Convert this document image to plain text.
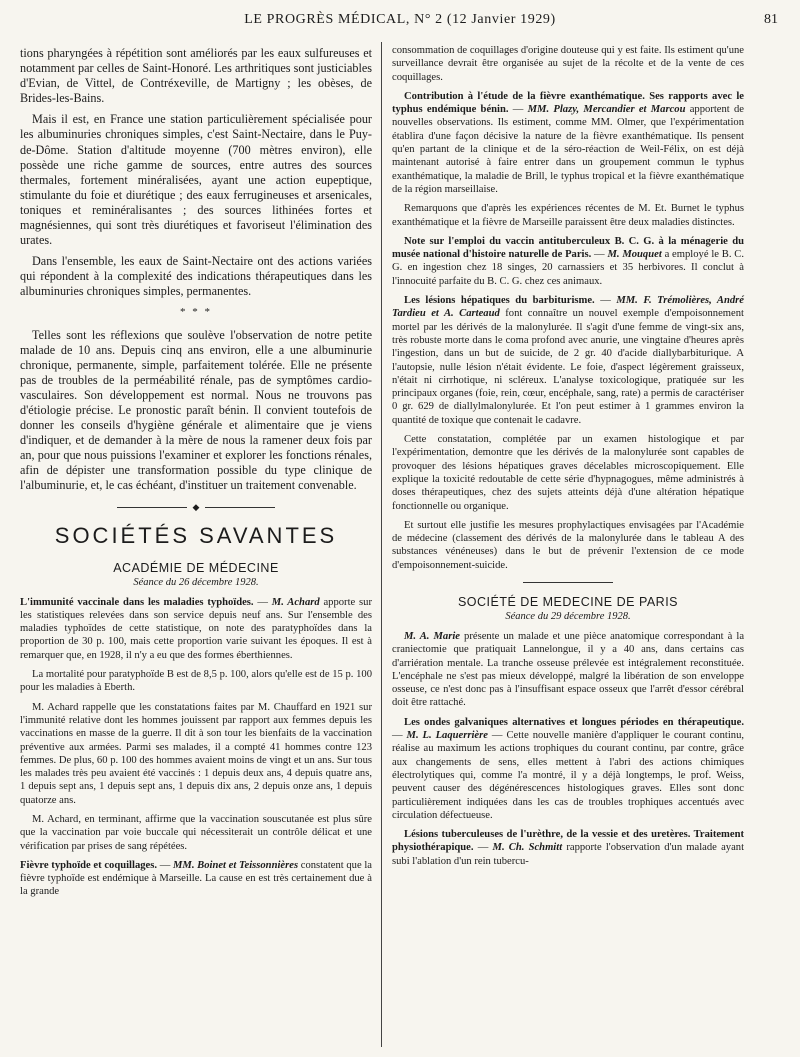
LE PROGRÈS MÉDICAL, N° 2 (12 Janvier 1929)	81

tions pharyngées à répétition sont améliorés par les eaux sulfureuses et notamment par celles de Saint-Honoré. Les arthritiques sont justiciables d'Evian, de Vittel, de Contréxeville, de Martigny ; les obèses, de Brides-les-Bains.

Mais il est, en France une station particulièrement spécialisée pour les albuminuries chroniques simples, c'est Saint-Nectaire, dans le Puy-de-Dôme. Station d'altitude moyenne (700 mètres environ), elle possède une riche gamme de sources, entre autres des sources thermales, fortement minéralisées, ayant une action eupeptique, stimulante du foie et diurétique ; des eaux ferrugineuses et arsenicales, toniques et reminéralisantes ; des sources lithinées fortes et magnésiennes, qui sont très diurétiques et favoriseut l'élimination des urates.

Dans l'ensemble, les eaux de Saint-Nectaire ont des actions variées qui répondent à la complexité des indications thérapeutiques dans les albuminuries chroniques simples, permanentes.

* * *

Telles sont les réflexions que soulève l'observation de notre petite malade de 10 ans. Depuis cinq ans environ, elle a une albuminurie chronique, permanente, simple, parfaitement tolérée. Elle ne présente pas de troubles de la perméabilité rénale, pas de symptômes cardio-vasculaires. Son développement est normal. Nous ne trouvons pas d'étiologie précise. Le pronostic paraît bénin. Il convient toutefois de donner les conseils d'hygiène générale et alimentaire que je viens d'indiquer, et de demander à la mère de nous la ramener deux fois par an, pour que nous puissions l'examiner et explorer les fonctions rénales, afin de dépister une transformation possible du type clinique de l'albuminurie, et, le cas échéant, d'instituer un traitement convenable.

◆
SOCIÉTÉS SAVANTES
ACADÉMIE DE MÉDECINE
Séance du 26 décembre 1928.

L'immunité vaccinale dans les maladies typhoïdes. — M. Achard apporte sur les statistiques relevées dans son service depuis neuf ans. Sur l'ensemble des maladies typhoïdes de cette statistique, on note des paratyphoïdes dans la proportion de 30 p. 100, mais cette proportion varie suivant les époques. Il est à remarquer que, en 1928, il n'y a eu que des formes éberthiennes.

La mortalité pour paratyphoïde B est de 8,5 p. 100, alors qu'elle est de 15 p. 100 pour les maladies à Eberth.

M. Achard rappelle que les constatations faites par M. Chauffard en 1921 sur l'immunité relative dont les hommes jouissent par rapport aux femmes depuis les vaccinations en masse de la guerre. Il dit à son tour les bienfaits de la vaccination préventive aux armées. Parmi ses malades, il a compté 41 hommes contre 123 femmes. De plus, 60 p. 100 des hommes avaient moins de vingt et un ans. Sur tous les malades très peu avaient été vaccinés : 1 depuis deux ans, 4 depuis quatre ans, 1 depuis sept ans, 1 depuis sept ans, 1 depuis dix ans, 2 depuis onze ans, 1 depuis quatorze ans.

M. Achard, en terminant, affirme que la vaccination souscutanée est plus sûre que la vaccination par voie buccale qui nécessiterait un contrôle délicat et une vérification par prises de sang répétées.

Fièvre typhoïde et coquillages. — MM. Boinet et Teissonnières constatent que la fièvre typhoïde est endémique à Marseille. La cause en est très certainement due à la grande

consommation de coquillages d'origine douteuse qui y est faite. Ils estiment qu'une surveillance devrait être organisée au sujet de la récolte et de la vente de ces coquillages.

Contribution à l'étude de la fièvre exanthématique. Ses rapports avec le typhus endémique bénin. — MM. Plazy, Mercandier et Marcou apportent de nouvelles observations. Ils estiment, comme MM. Olmer, que l'expérimentation établira d'une façon décisive la nature de la fièvre exanthématique. Ils pensent qu'en partant de la clinique et de la séro-réaction de Weil-Félix, on est déjà maintenant autorisé à faire entrer dans un groupement commun le typhus exanthématique, la maladie de Brill, le typhus tropical et la fièvre exanthématique de la région marseillaise.

Remarquons que d'après les expériences récentes de M. Et. Burnet le typhus exanthématique et la fièvre de Marseille paraissent être deux maladies distinctes.

Note sur l'emploi du vaccin antituberculeux B. C. G. à la ménagerie du musée national d'histoire naturelle de Paris. — M. Mouquet a employé le B. C. G. en ingestion chez 18 singes, 20 carnassiers et 35 herbivores. Il conclut à l'innocuité parfaite du B. C. G. chez ces animaux.

Les lésions hépatiques du barbiturisme. — MM. F. Trémolières, André Tardieu et A. Carteaud font connaître un nouvel exemple d'empoisonnement mortel par les dérivés de la malonylurée. Il s'agit d'une femme de vingt-six ans, très robuste morte dans le coma profond avec anurie, une vingtaine d'heures après l'ingestion, dans un but de suicide, de 2 gr. 40 d'acide diallybarbiturique. A l'autopsie, nulle lésion n'était évidente. Le foie, d'aspect légèrement graisseux, n'était ni cirrhotique, ni scléreux. L'analyse toxicologique, pratiquée sur les principaux organes (foie, rein, cœur, encéphale, sang, rate) a permis de caractériser 0 gr. 629 de diallylmalonylurée. Et l'on peut estimer à 1 grammes environ la quantité de toxique que contenait le cadavre.

Cette constatation, complétée par un examen histologique et par l'expérimentation, demontre que les dérivés de la malonylurée sont capables de provoquer des lésions hépatiques graves décelables microscopiquement. Elle explique la toxicité redoutable de cette série d'hypnagogues, même administrés à doses thérapeutiques, chez des sujets atteints déjà d'une altération hépatique fonctionnelle ou organique.

Et surtout elle justifie les mesures prophylactiques envisagées par l'Académie de médecine (classement des dérivés de la malonylurée dans le tableau A des substances vénéneuses) dans le but de prévenir l'extension de ce mode d'empoisonnement-suicide.

SOCIÉTÉ DE MEDECINE DE PARIS
Séance du 29 décembre 1928.

M. A. Marie présente un malade et une pièce anatomique correspondant à la craniectomie que pratiquait Lannelongue, il y a 40 ans, dans certains cas d'arriération mentale. La tranche osseuse prélevée est intégralement reconstituée. L'encéphale ne s'est pas mieux développé, malgré la libération de son enveloppe osseuse, ce n'est donc pas à l'insuffisant espace osseux que l'arrêt d'essor cérébral doit être rattaché.

Les ondes galvaniques alternatives et longues périodes en thérapeutique. — M. L. Laquerrière — Cette nouvelle manière d'appliquer le courant continu, réalise au maximum les actions trophiques du courant continu, par contre, grâce aux changements de sens, elles mettent à l'abri des actions chimiques électrolytiques qui, comme l'a montré, il y a déjà longtemps, le prof. Weiss, peuvent causer des dégénérescences histologiques graves. Elles sont donc particulièrement indiquées dans les cas de troubles trophiques accentués avec circulation défectueuse.

Lésions tuberculeuses de l'urèthre, de la vessie et des uretères. Traitement physiothérapique. — M. Ch. Schmitt rapporte l'observation d'un malade ayant subi l'ablation d'un rein tubercu-
